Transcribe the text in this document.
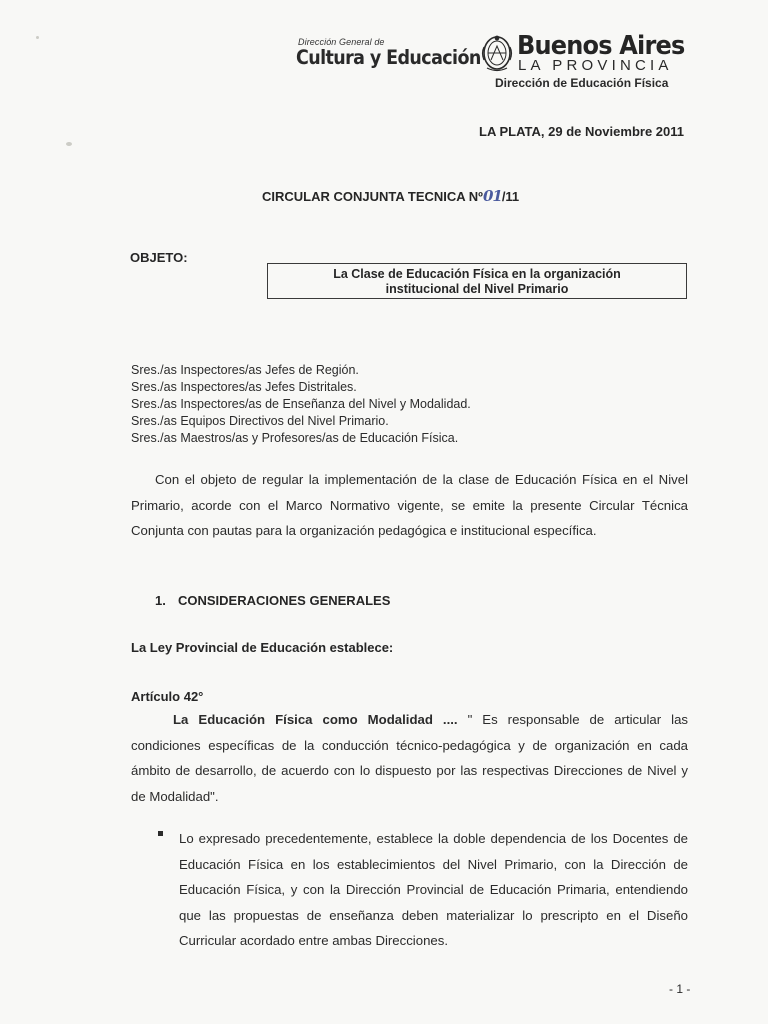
Dirección General de
Cultura y Educación Buenos Aires
LA PROVINCIA
Dirección de Educación Física
LA PLATA, 29 de Noviembre 2011
CIRCULAR CONJUNTA TECNICA Nº01/11
OBJETO:
La Clase de Educación Física en la organización
institucional del Nivel Primario
Sres./as Inspectores/as Jefes de Región.
Sres./as Inspectores/as Jefes Distritales.
Sres./as Inspectores/as de Enseñanza del Nivel y Modalidad.
Sres./as Equipos Directivos del Nivel Primario.
Sres./as Maestros/as y Profesores/as de Educación Física.
Con el objeto de regular la implementación de la clase de Educación Física en el Nivel Primario, acorde con el Marco Normativo vigente, se emite la presente Circular Técnica Conjunta con pautas para la organización pedagógica e institucional específica.
1. CONSIDERACIONES GENERALES
La Ley Provincial de Educación establece:
Artículo 42°
La Educación Física como Modalidad .... " Es responsable de articular las condiciones específicas de la conducción técnico-pedagógica y de organización en cada ámbito de desarrollo, de acuerdo con lo dispuesto por las respectivas Direcciones de Nivel y de Modalidad".
Lo expresado precedentemente, establece la doble dependencia de los Docentes de Educación Física en los establecimientos del Nivel Primario, con la Dirección de Educación Física, y con la Dirección Provincial de Educación Primaria, entendiendo que las propuestas de enseñanza deben materializar lo prescripto en el Diseño Curricular acordado entre ambas Direcciones.
- 1 -
